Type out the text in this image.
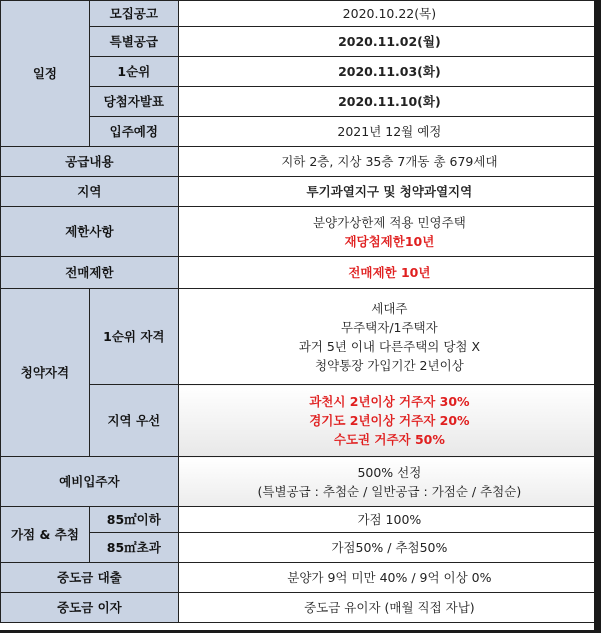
일정	모집공고	2020.10.22(목)
	특별공급	2020.11.02(월)
	1순위	2020.11.03(화)
	당첨자발표	2020.11.10(화)
	입주예정	2021년 12월 예정
공급내용		지하 2층, 지상 35층 7개동 총 679세대
지역		투기과열지구 및 청약과열지역
제한사항		분양가상한제 적용 민영주택
재당첨제한10년

전매제한		전매제한 10년

청약자격	1순위 자격	세대주
무주택자/1주택자
과거 5년 이내 다른주택의 당첨 X
청약통장 가입기간 2년이상

	지역 우선	과천시 2년이상 거주자 30%
경기도 2년이상 거주자 20%
수도권 거주자 50%

예비입주자		500% 선정
(특별공급 : 추첨순 / 일반공급 : 가점순 / 추첨순)

가점 & 추첨	85㎡이하	가점 100%
	85㎡초과	가점50% / 추첨50%
중도금 대출		분양가 9억 미만 40% / 9억 이상 0%
중도금 이자		중도금 유이자 (매월 직접 자납)
